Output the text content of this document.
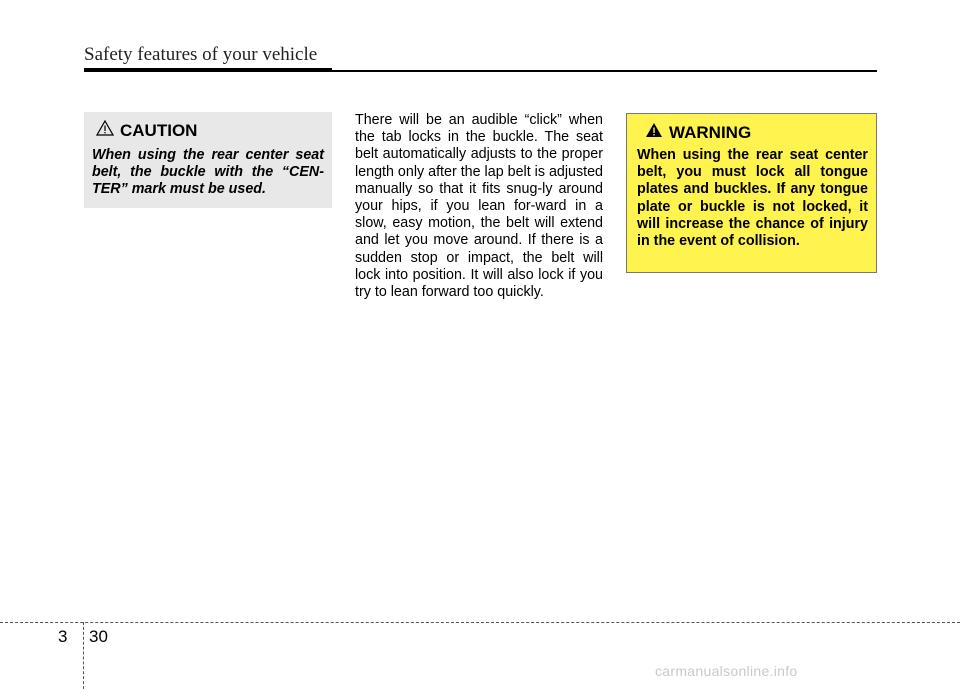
Safety features of your vehicle
CAUTION

When using the rear center seat belt, the buckle with the “CEN-TER” mark must be used.

There will be an audible “click” when the tab locks in the buckle. The seat belt automatically adjusts to the proper length only after the lap belt is adjusted manually so that it fits snug-ly around your hips, if you lean for-ward in a slow, easy motion, the belt will extend and let you move around. If there is a sudden stop or impact, the belt will lock into position. It will also lock if you try to lean forward too quickly.

WARNING

When using the rear seat center belt, you must lock all tongue plates and buckles. If any tongue plate or buckle is not locked, it will increase the chance of injury in the event of collision.

3 30
carmanualsonline.info
